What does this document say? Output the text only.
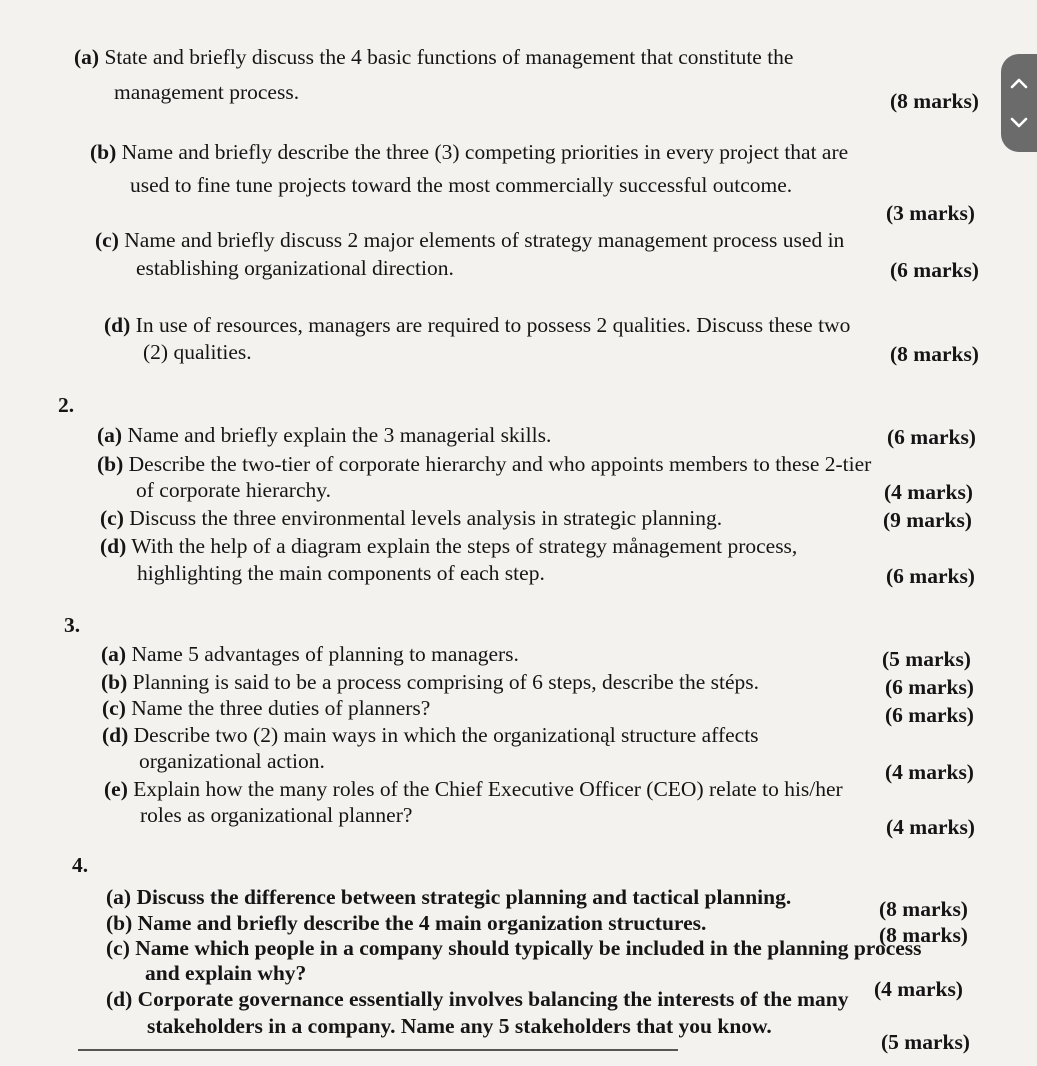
(a) State and briefly discuss the 4 basic functions of management that constitute the
management process.	(8 marks)
(b) Name and briefly describe the three (3) competing priorities in every project that are
used to fine tune projects toward the most commercially successful outcome.
(3 marks)
(c) Name and briefly discuss 2 major elements of strategy management process used in
establishing organizational direction.	(6 marks)
(d) In use of resources, managers are required to possess 2 qualities. Discuss these two
(2) qualities.	(8 marks)
2.
(a) Name and briefly explain the 3 managerial skills.	(6 marks)
(b) Describe the two-tier of corporate hierarchy and who appoints members to these 2-tier
of corporate hierarchy.	(4 marks)
(c) Discuss the three environmental levels analysis in strategic planning.	(9 marks)
(d) With the help of a diagram explain the steps of strategy månagement process,
highlighting the main components of each step.	(6 marks)
3.
(a) Name 5 advantages of planning to managers.	(5 marks)
(b) Planning is said to be a process comprising of 6 steps, describe the stéps.	(6 marks)
(c) Name the three duties of planners?	(6 marks)
(d) Describe two (2) main ways in which the organizationąl structure affects
organizational action.	(4 marks)
(e) Explain how the many roles of the Chief Executive Officer (CEO) relate to his/her
roles as organizational planner?	(4 marks)
4.
(a) Discuss the difference between strategic planning and tactical planning.	(8 marks)
(b) Name and briefly describe the 4 main organization structures.	(8 marks)
(c) Name which people in a company should typically be included in the planning process
and explain why?
(4 marks)
(d) Corporate governance essentially involves balancing the interests of the many
stakeholders in a company. Name any 5 stakeholders that you know.
(5 marks)
